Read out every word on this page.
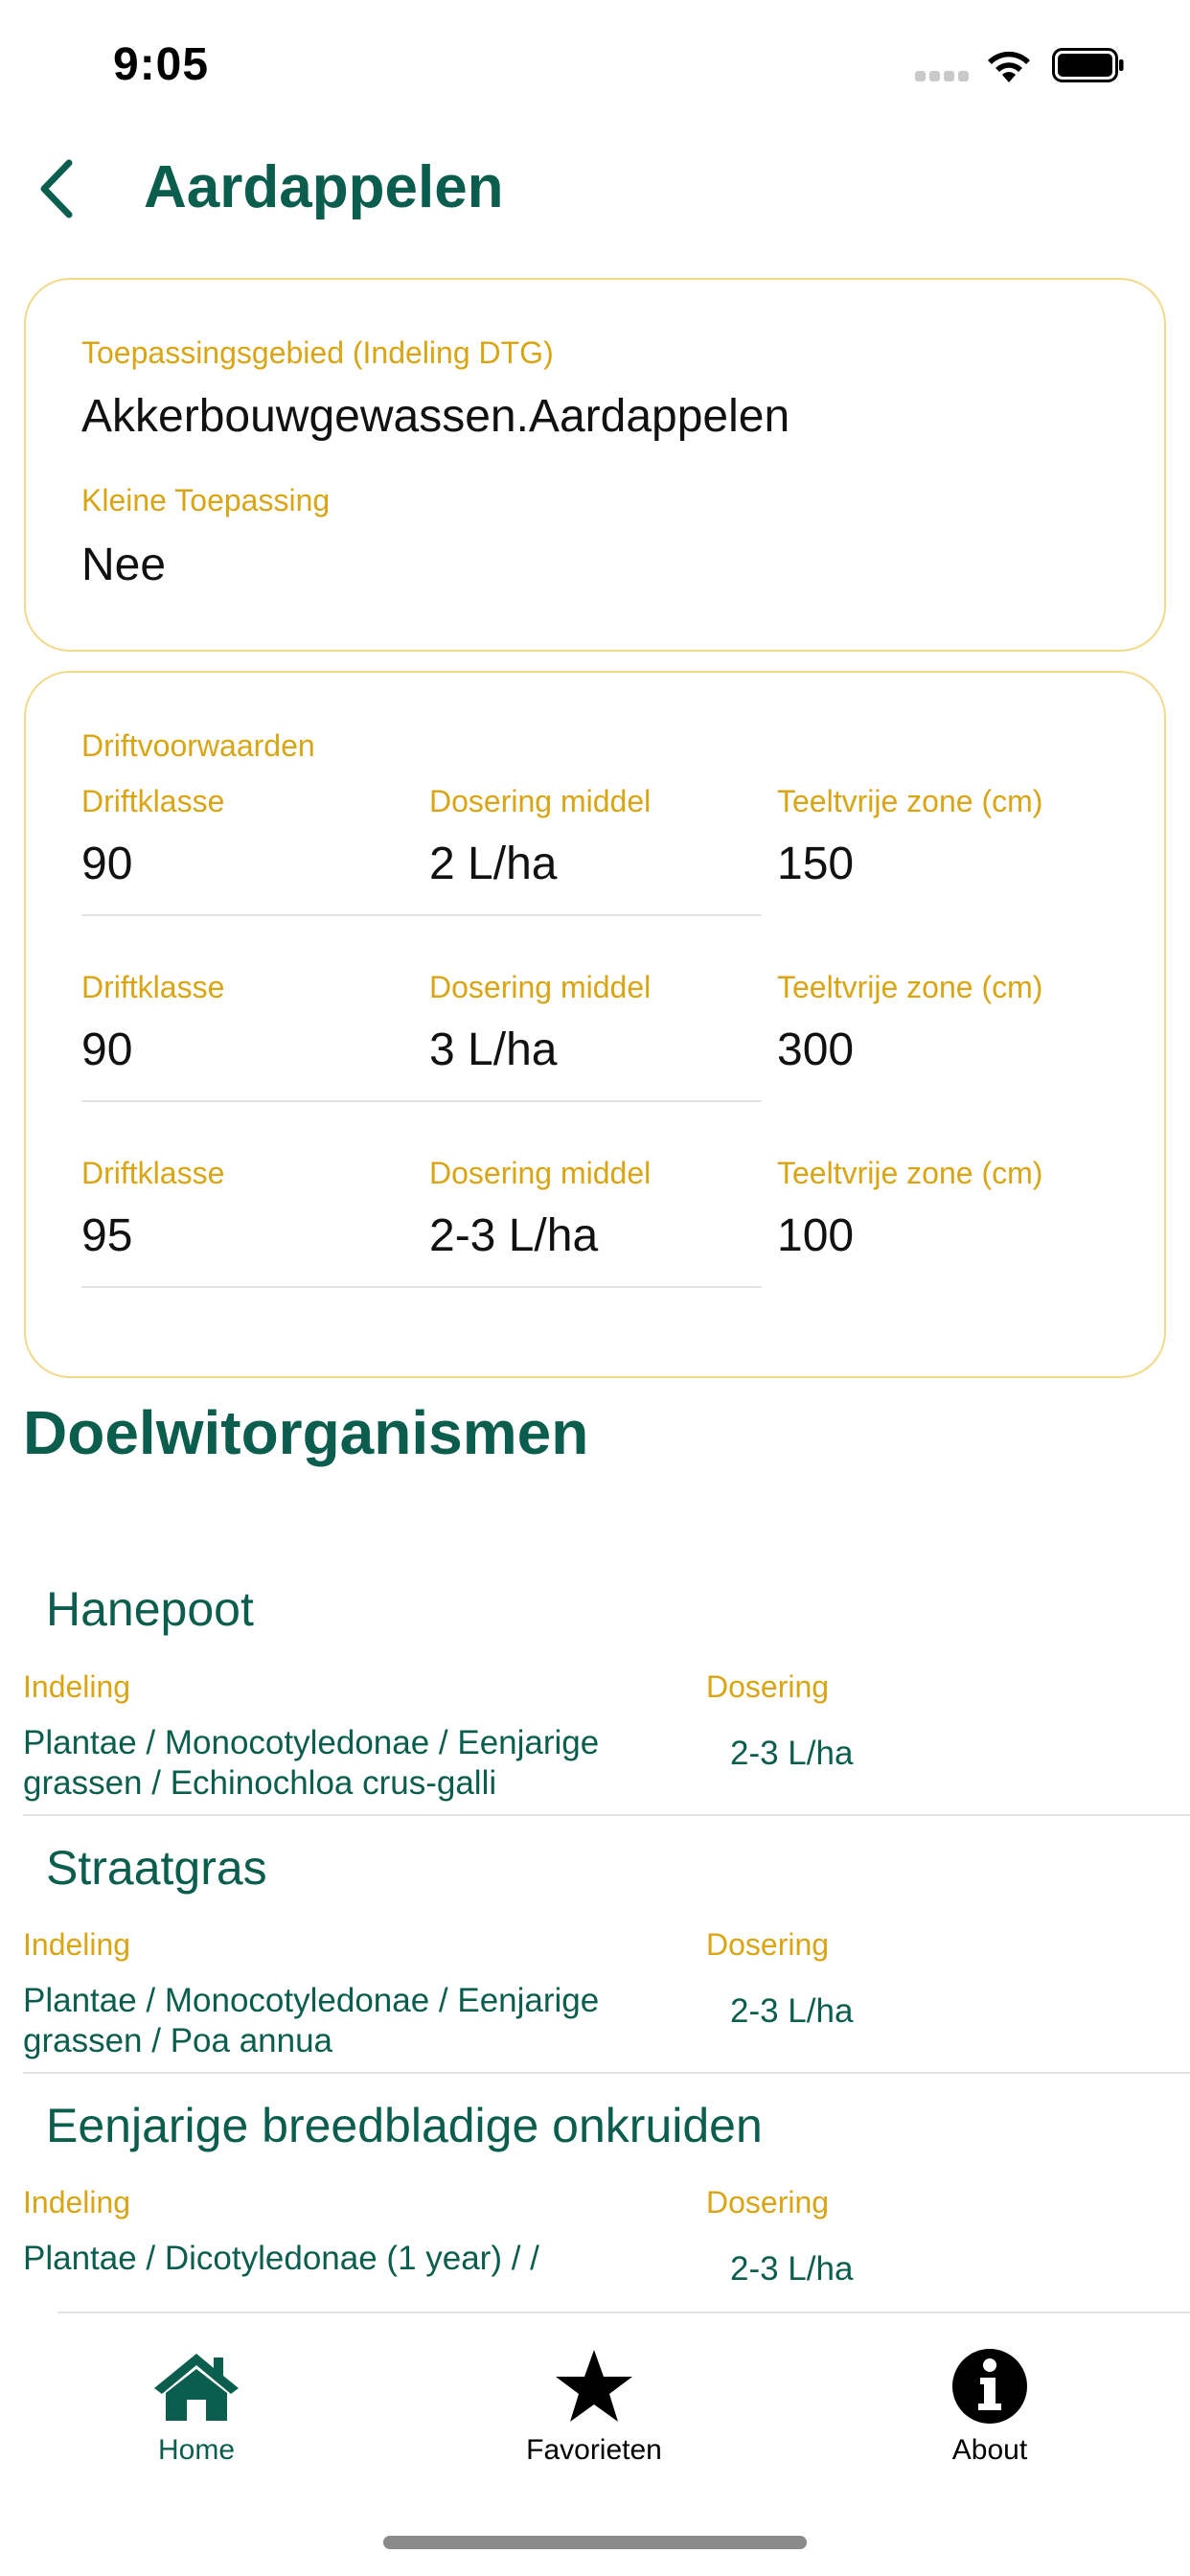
9:05
Aardappelen
Toepassingsgebied (Indeling DTG)
Akkerbouwgewassen.Aardappelen
Kleine Toepassing
Nee
Driftvoorwaarden
Driftklasse	Dosering middel	Teeltvrije zone (cm)
90	2 L/ha	150
Driftklasse	Dosering middel	Teeltvrije zone (cm)
90	3 L/ha	300
Driftklasse	Dosering middel	Teeltvrije zone (cm)
95	2-3 L/ha	100
Doelwitorganismen
Hanepoot
Indeling	Dosering
Plantae / Monocotyledonae / Eenjarige grassen / Echinochloa crus-galli
2-3 L/ha
Straatgras
Indeling	Dosering
Plantae / Monocotyledonae / Eenjarige grassen / Poa annua
2-3 L/ha
Eenjarige breedbladige onkruiden
Indeling	Dosering
Plantae / Dicotyledonae (1 year) / /	2-3 L/ha
Home	Favorieten	About
